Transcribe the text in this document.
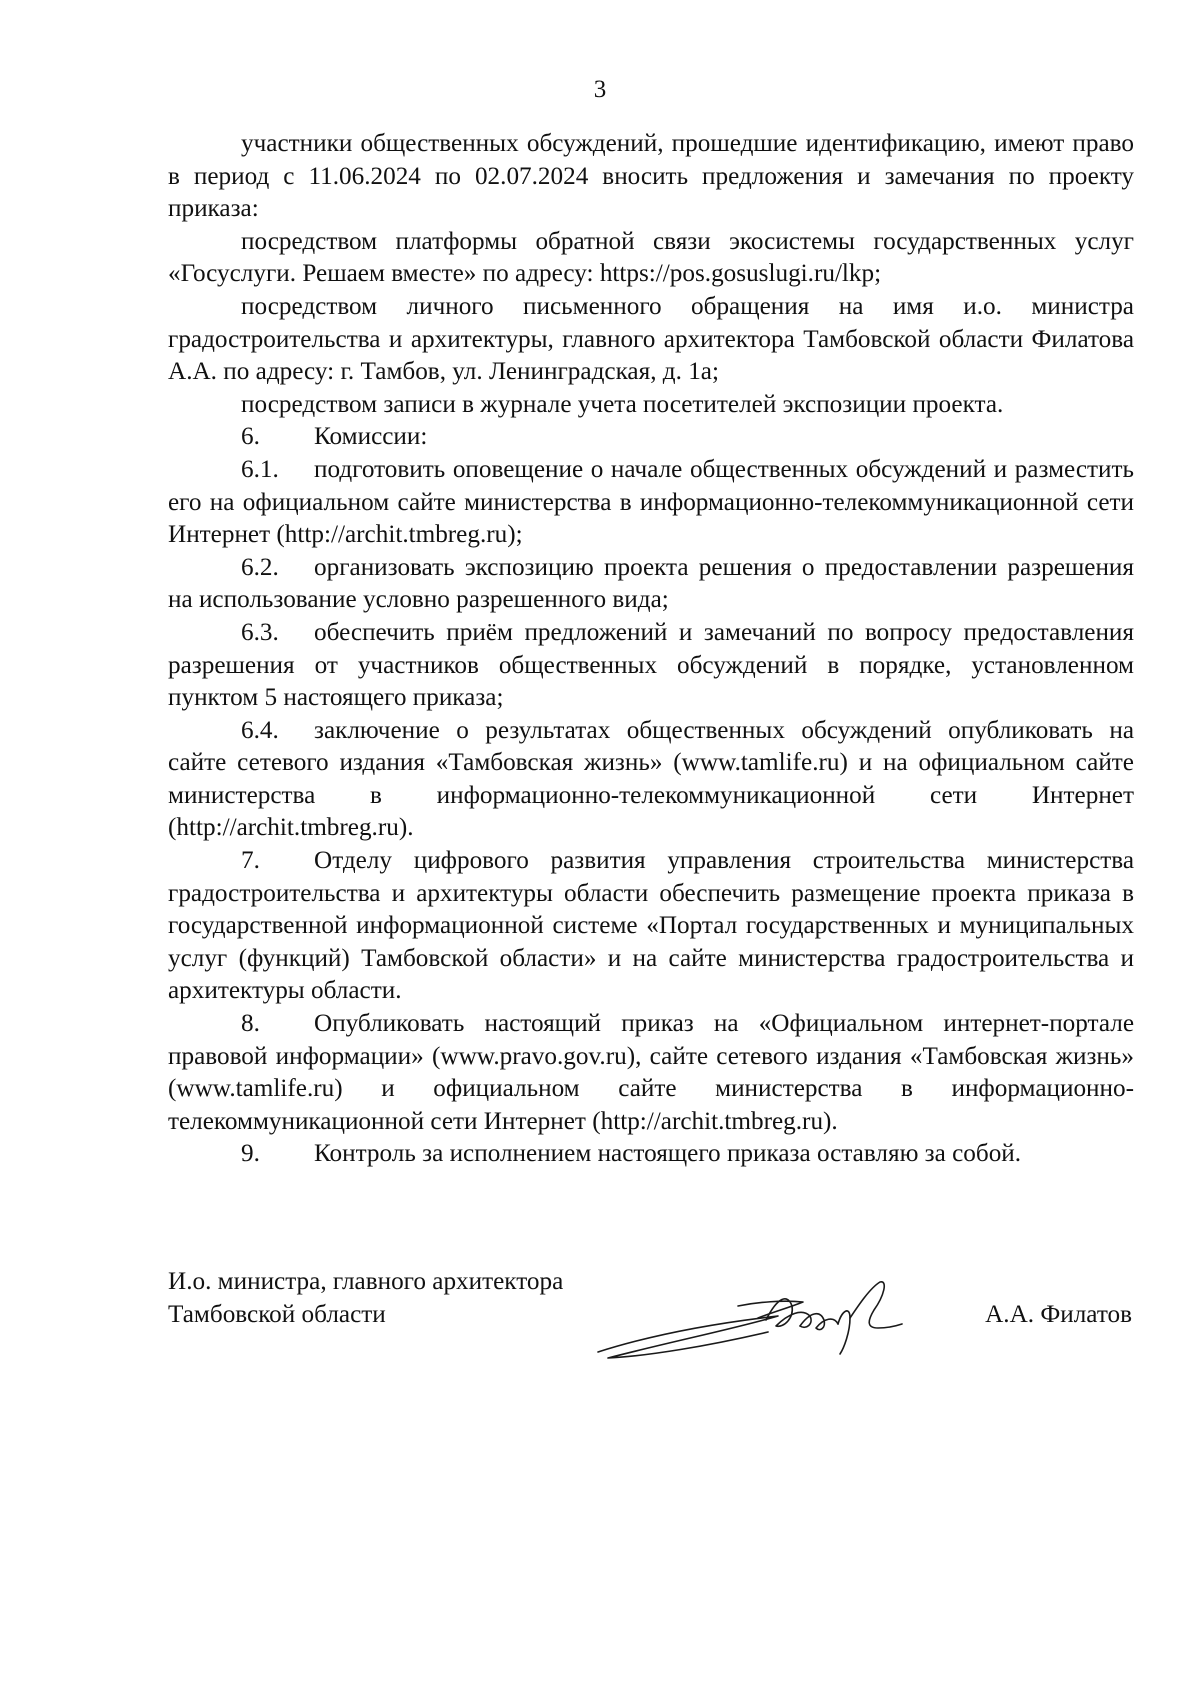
3

участники общественных обсуждений, прошедшие идентификацию, имеют право в период с 11.06.2024 по 02.07.2024 вносить предложения и замечания по проекту приказа:

посредством платформы обратной связи экосистемы государственных услуг «Госуслуги. Решаем вместе» по адресу: https://pos.gosuslugi.ru/lkp;

посредством личного письменного обращения на имя и.о. министра градостроительства и архитектуры, главного архитектора Тамбовской области Филатова А.А. по адресу: г. Тамбов, ул. Ленинградская, д. 1а;

посредством записи в журнале учета посетителей экспозиции проекта.

6. Комиссии:

6.1. подготовить оповещение о начале общественных обсуждений и разместить его на официальном сайте министерства в информационно-телекоммуникационной сети Интернет (http://archit.tmbreg.ru);

6.2. организовать экспозицию проекта решения о предоставлении разрешения на использование условно разрешенного вида;

6.3. обеспечить приём предложений и замечаний по вопросу предоставления разрешения от участников общественных обсуждений в порядке, установленном пунктом 5 настоящего приказа;

6.4. заключение о результатах общественных обсуждений опубликовать на сайте сетевого издания «Тамбовская жизнь» (www.tamlife.ru) и на официальном сайте министерства в информационно-телекоммуникационной сети Интернет (http://archit.tmbreg.ru).

7. Отделу цифрового развития управления строительства министерства градостроительства и архитектуры области обеспечить размещение проекта приказа в государственной информационной системе «Портал государственных и муниципальных услуг (функций) Тамбовской области» и на сайте министерства градостроительства и архитектуры области.

8. Опубликовать настоящий приказ на «Официальном интернет-портале правовой информации» (www.pravo.gov.ru), сайте сетевого издания «Тамбовская жизнь» (www.tamlife.ru) и официальном сайте министерства в информационно-телекоммуникационной сети Интернет (http://archit.tmbreg.ru).

9. Контроль за исполнением настоящего приказа оставляю за собой.

И.о. министра, главного архитектора
Тамбовской области	А.А. Филатов
